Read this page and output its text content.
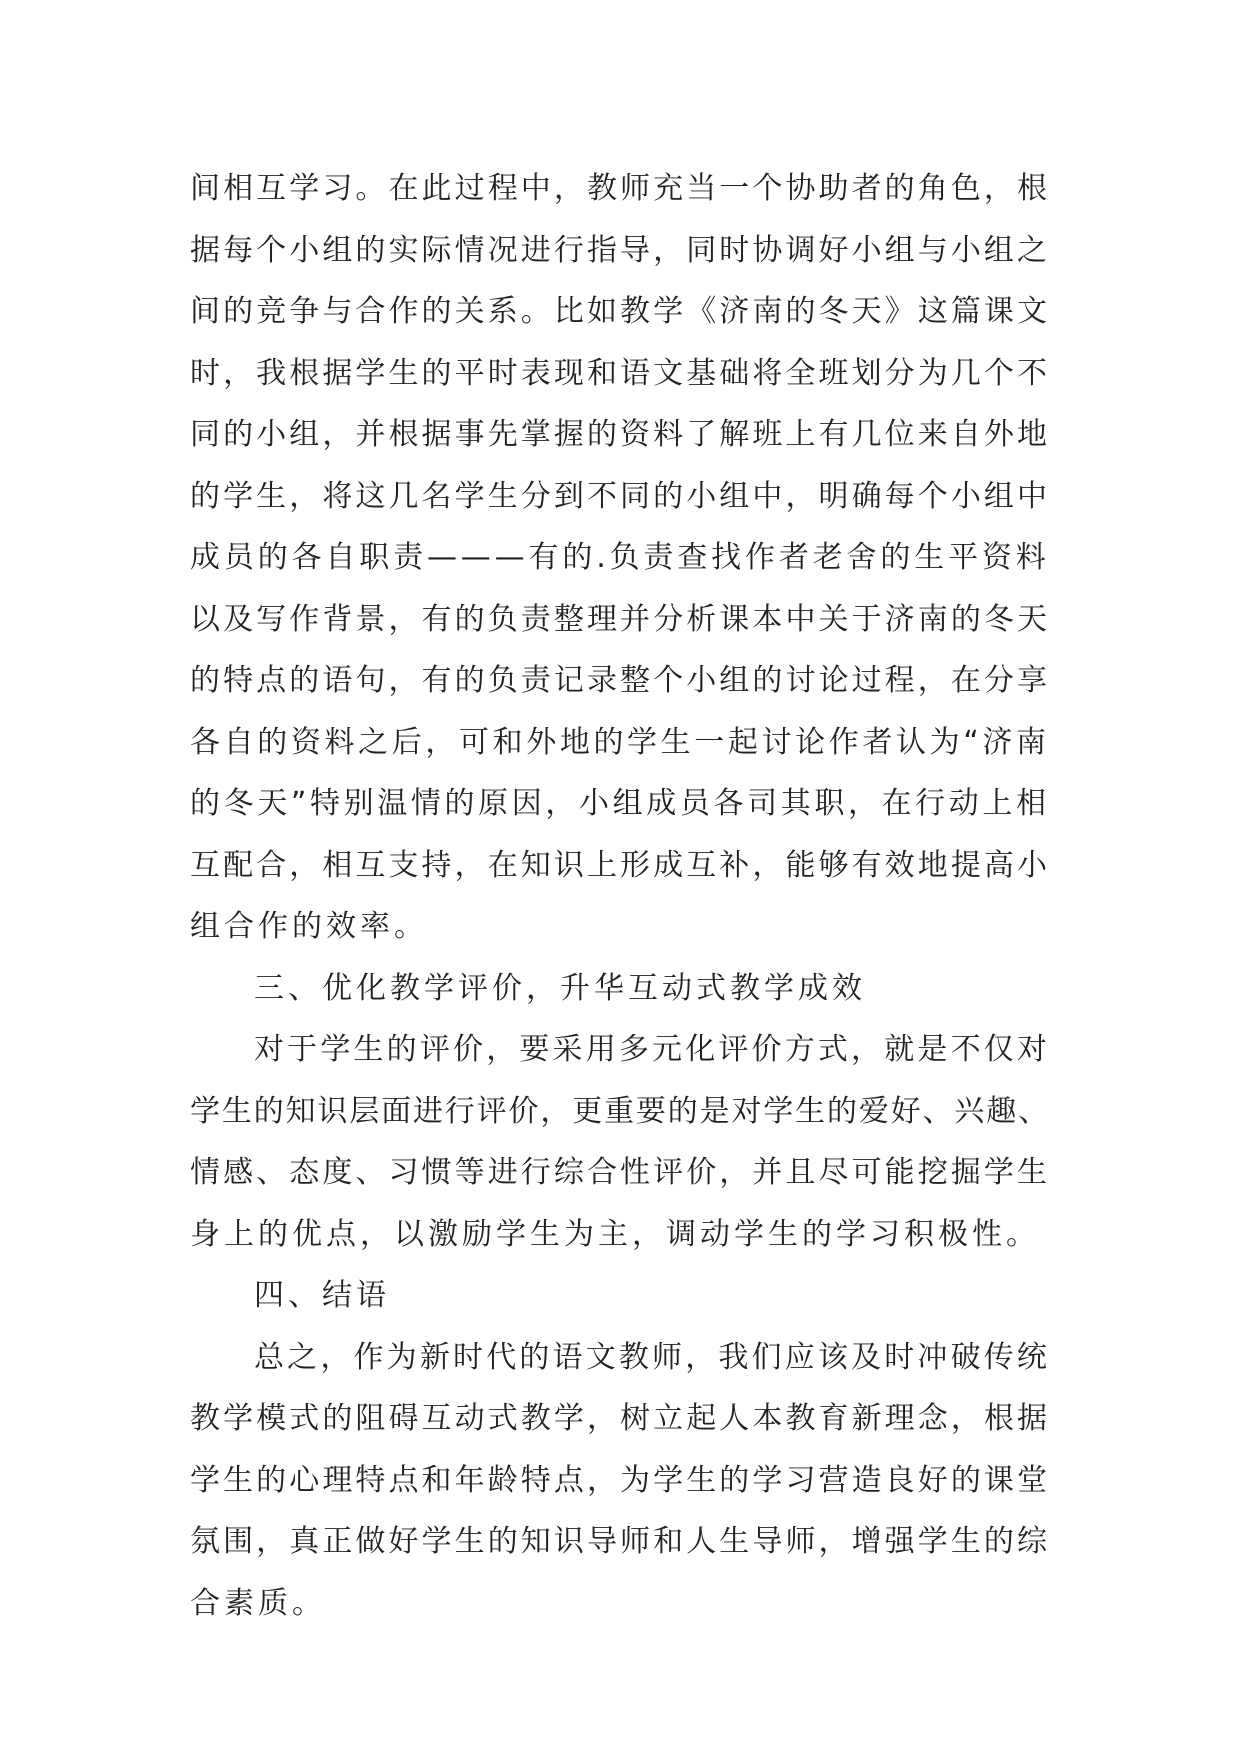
间相互学习。在此过程中，教师充当一个协助者的角色，根
据每个小组的实际情况进行指导，同时协调好小组与小组之
间的竞争与合作的关系。比如教学《济南的冬天》这篇课文
时，我根据学生的平时表现和语文基础将全班划分为几个不
同的小组，并根据事先掌握的资料了解班上有几位来自外地
的学生，将这几名学生分到不同的小组中，明确每个小组中
成员的各自职责———有的.负责查找作者老舍的生平资料
以及写作背景，有的负责整理并分析课本中关于济南的冬天
的特点的语句，有的负责记录整个小组的讨论过程，在分享
各自的资料之后，可和外地的学生一起讨论作者认为“济南
的冬天”特别温情的原因，小组成员各司其职，在行动上相
互配合，相互支持，在知识上形成互补，能够有效地提高小
组合作的效率。
三、优化教学评价，升华互动式教学成效
对于学生的评价，要采用多元化评价方式，就是不仅对
学生的知识层面进行评价，更重要的是对学生的爱好、兴趣、
情感、态度、习惯等进行综合性评价，并且尽可能挖掘学生
身上的优点，以激励学生为主，调动学生的学习积极性。
四、结语
总之，作为新时代的语文教师，我们应该及时冲破传统
教学模式的阻碍互动式教学，树立起人本教育新理念，根据
学生的心理特点和年龄特点，为学生的学习营造良好的课堂
氛围，真正做好学生的知识导师和人生导师，增强学生的综
合素质。
